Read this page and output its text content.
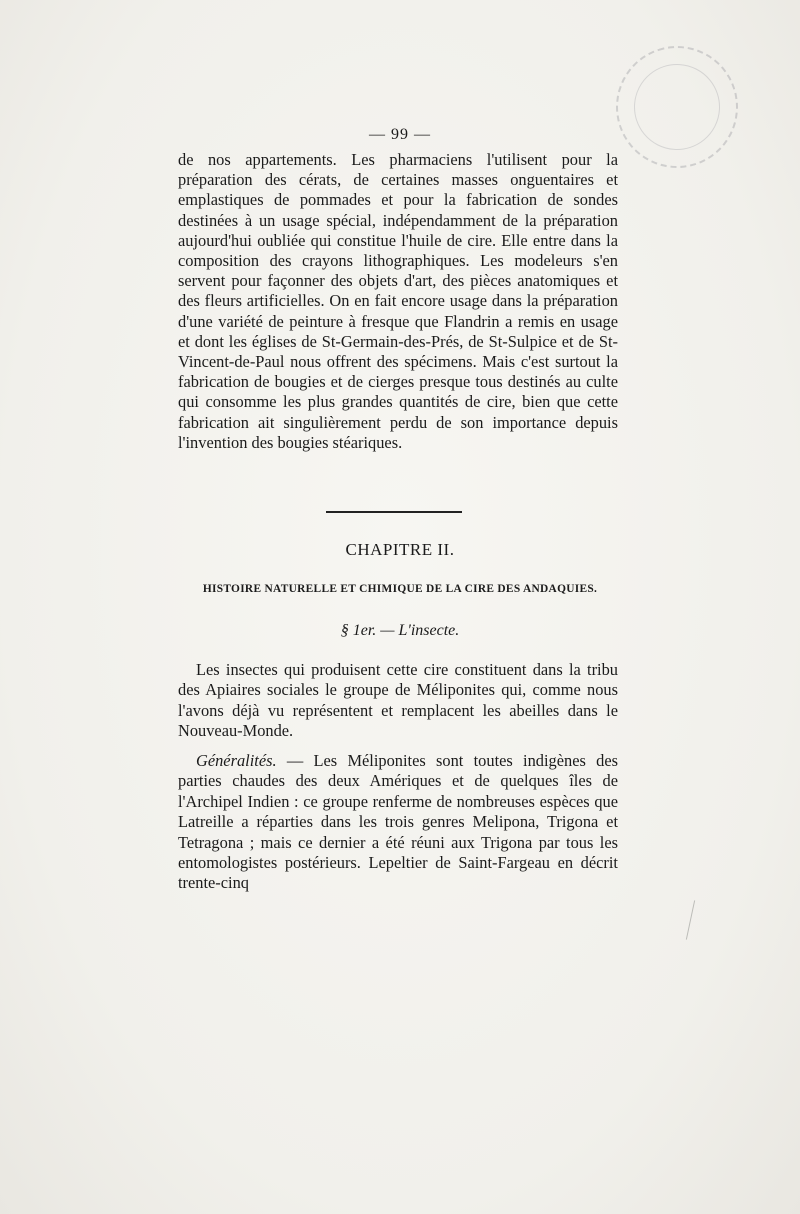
— 99 —

de nos appartements. Les pharmaciens l'utilisent pour la préparation des cérats, de certaines masses onguentaires et emplastiques de pommades et pour la fabrication de sondes destinées à un usage spécial, indépendamment de la préparation aujourd'hui oubliée qui constitue l'huile de cire. Elle entre dans la composition des crayons lithographiques. Les modeleurs s'en servent pour façonner des objets d'art, des pièces anatomiques et des fleurs artificielles. On en fait encore usage dans la préparation d'une variété de peinture à fresque que Flandrin a remis en usage et dont les églises de St-Germain-des-Prés, de St-Sulpice et de St-Vincent-de-Paul nous offrent des spécimens. Mais c'est surtout la fabrication de bougies et de cierges presque tous destinés au culte qui consomme les plus grandes quantités de cire, bien que cette fabrication ait singulièrement perdu de son importance depuis l'invention des bougies stéariques.

CHAPITRE II.
HISTOIRE NATURELLE ET CHIMIQUE DE LA CIRE DES ANDAQUIES.
§ 1er. — L'insecte.

Les insectes qui produisent cette cire constituent dans la tribu des Apiaires sociales le groupe de Méliponites qui, comme nous l'avons déjà vu représentent et remplacent les abeilles dans le Nouveau-Monde.

Généralités. — Les Méliponites sont toutes indigènes des parties chaudes des deux Amériques et de quelques îles de l'Archipel Indien : ce groupe renferme de nombreuses espèces que Latreille a réparties dans les trois genres Melipona, Trigona et Tetragona ; mais ce dernier a été réuni aux Trigona par tous les entomologistes postérieurs. Lepeltier de Saint-Fargeau en décrit trente-cinq
